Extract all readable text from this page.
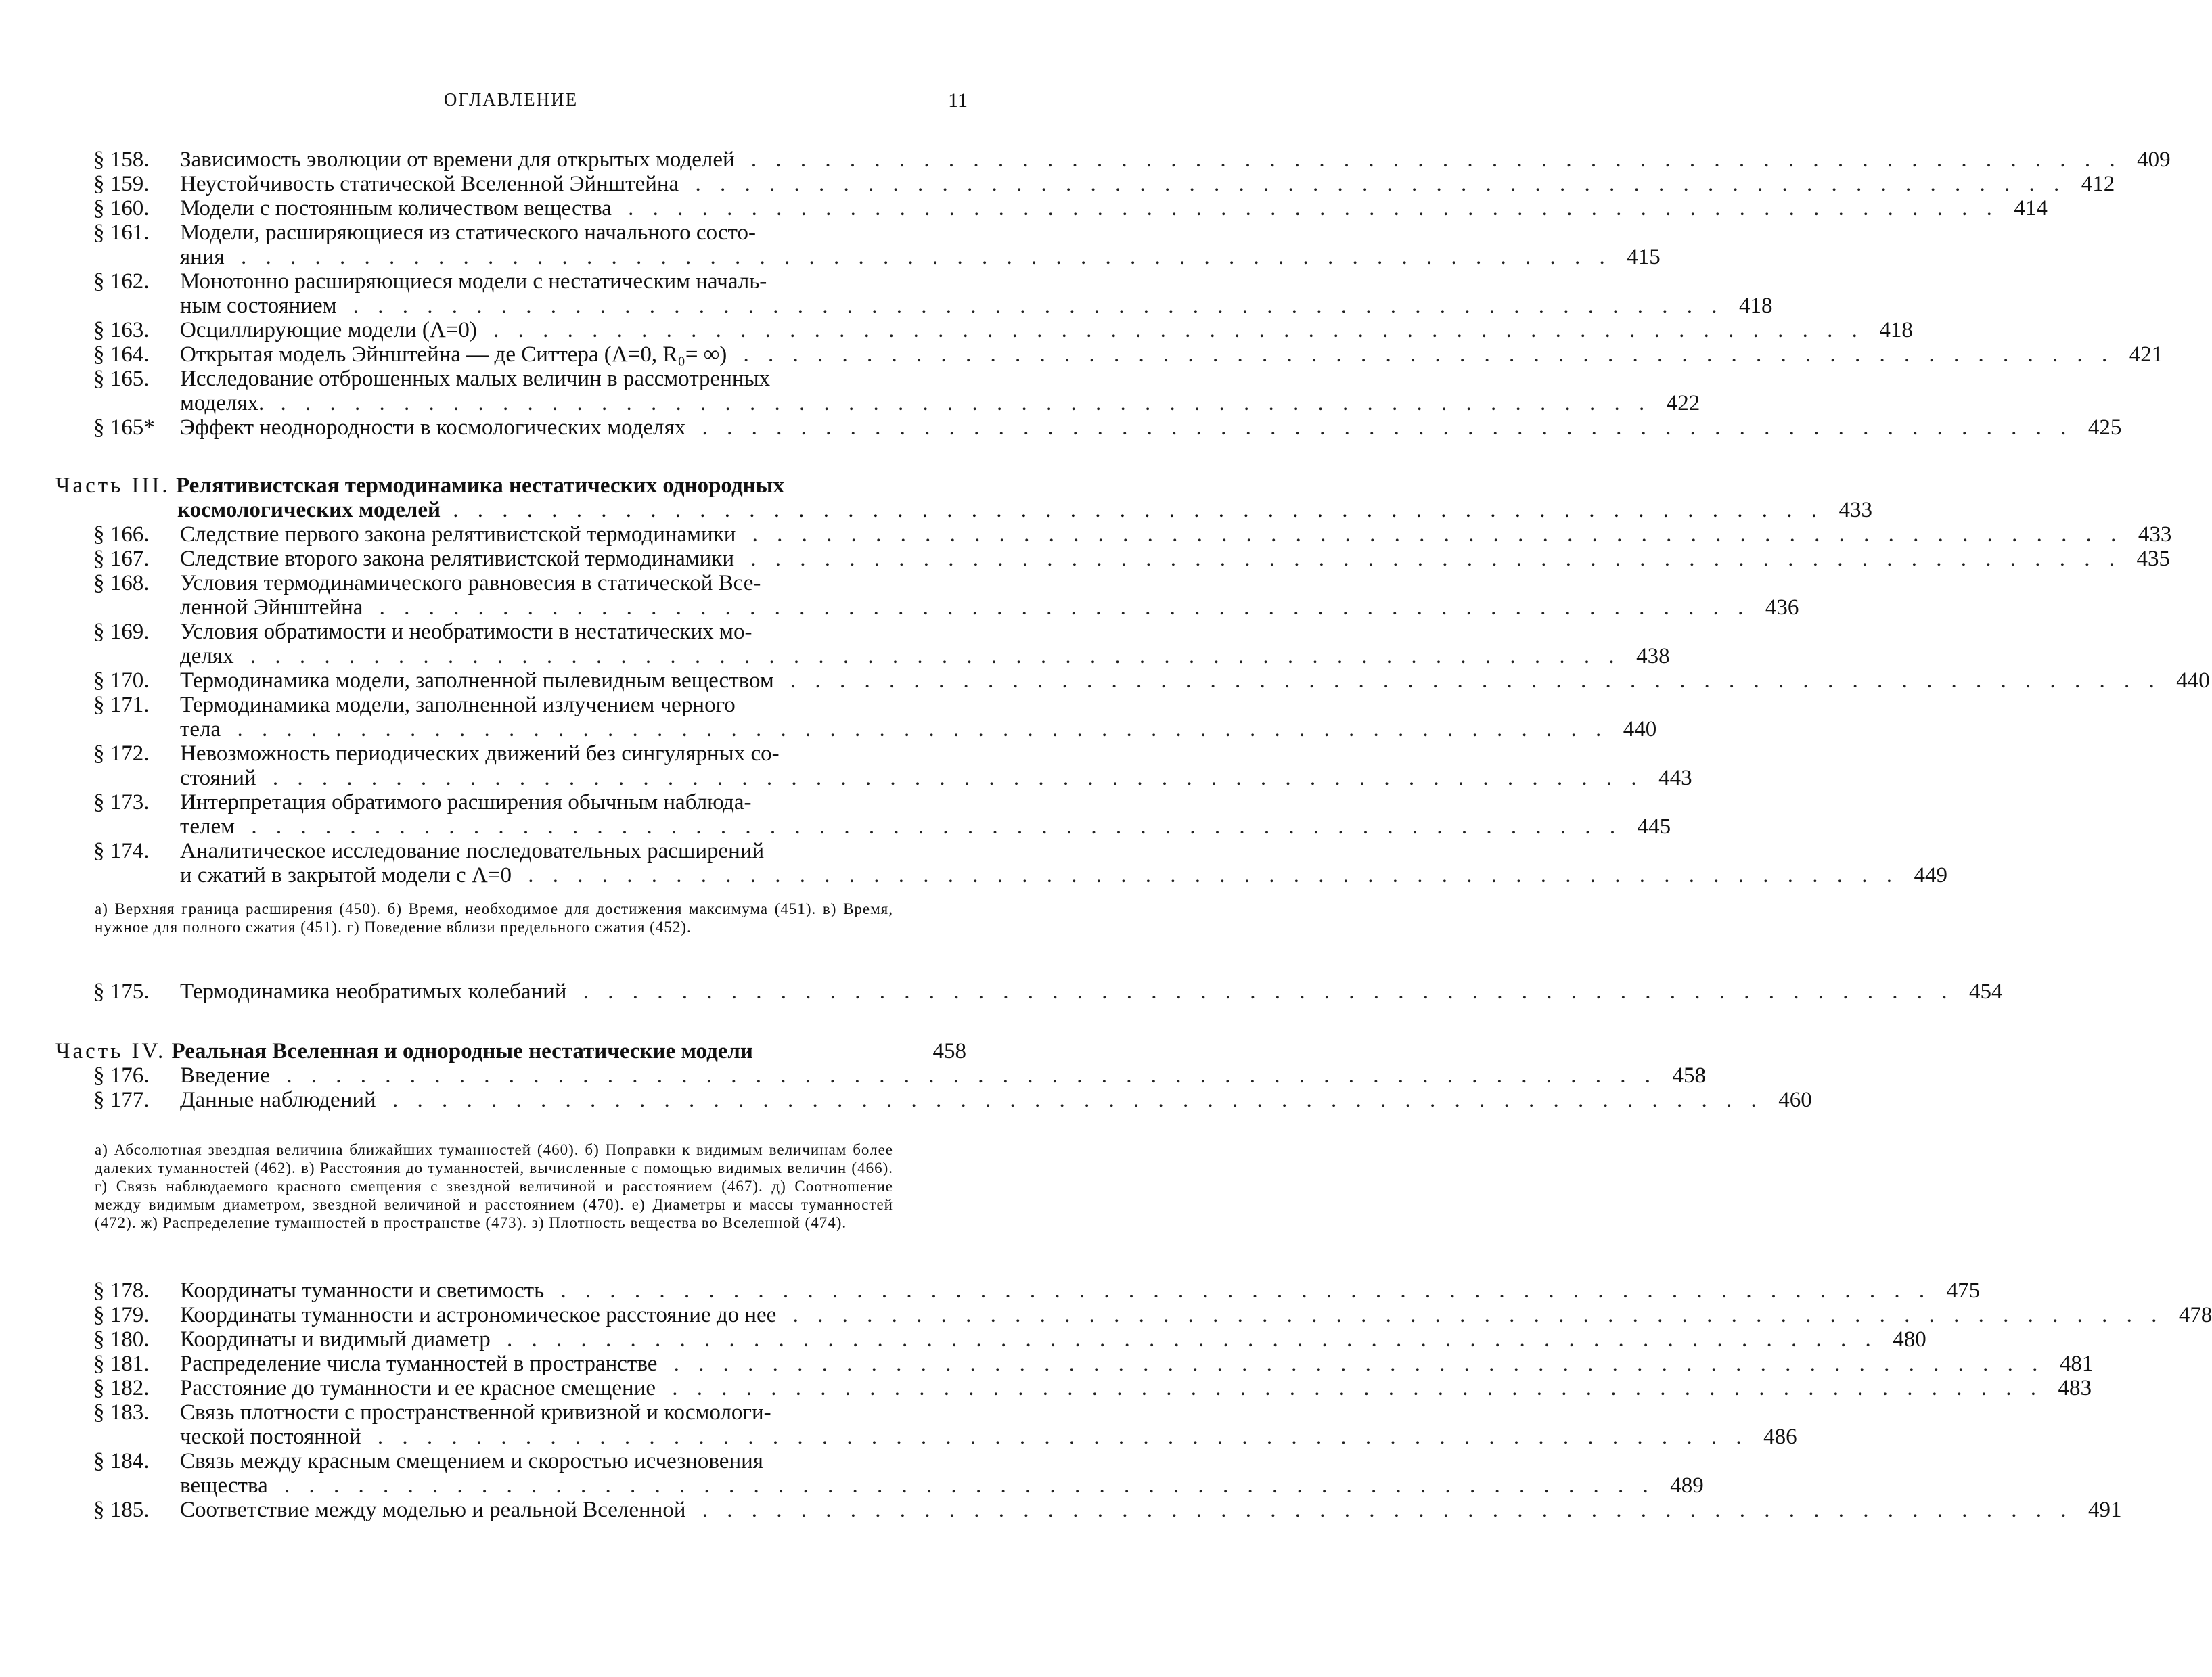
ОГЛАВЛЕНИЕ	11
§ 158.	Зависимость эволюции от времени для открытых моделей . . . . . . . . . . . . . . . . . . . . . . . . . . . . . . . . . . . . . . . . . . . . . . . . . . . . . . . . 409
§ 159.	Неустойчивость статической Вселенной Эйнштейна . . . . . . . . . . . . . . . . . . . . . . . . . . . . . . . . . . . . . . . . . . . . . . . . . . . . . . . . 412
§ 160.	Модели с постоянным количеством вещества . . . . . . . . . . . . . . . . . . . . . . . . . . . . . . . . . . . . . . . . . . . . . . . . . . . . . . . . 414
§ 161.	Модели, расширяющиеся из статического начального состо-
яния . . . . . . . . . . . . . . . . . . . . . . . . . . . . . . . . . . . . . . . . . . . . . . . . . . . . . . . . 415
§ 162.	Монотонно расширяющиеся модели с нестатическим началь-
ным состоянием . . . . . . . . . . . . . . . . . . . . . . . . . . . . . . . . . . . . . . . . . . . . . . . . . . . . . . . . 418
§ 163.	Осциллирующие модели (Λ=0) . . . . . . . . . . . . . . . . . . . . . . . . . . . . . . . . . . . . . . . . . . . . . . . . . . . . . . . . 418
§ 164.	Открытая модель Эйнштейна — де Ситтера (Λ=0, R₀= ∞) . . . . . . . . . . . . . . . . . . . . . . . . . . . . . . . . . . . . . . . . . . . . . . . . . . . . . . . . 421
§ 165.	Исследование отброшенных малых величин в рассмотренных
моделях. . . . . . . . . . . . . . . . . . . . . . . . . . . . . . . . . . . . . . . . . . . . . . . . . . . . . . . . . 422
§ 165*	Эффект неоднородности в космологических моделях . . . . . . . . . . . . . . . . . . . . . . . . . . . . . . . . . . . . . . . . . . . . . . . . . . . . . . . . 425
Часть III.
Релятивистская термодинамика нестатических однородных
космологических моделей . . . . . . . . . . . . . . . . . . . . . . . . . . . . . . . . . . . . . . . . . . . . . . . . . . . . . . . . 433
§ 166.	Следствие первого закона релятивистской термодинамики . . . . . . . . . . . . . . . . . . . . . . . . . . . . . . . . . . . . . . . . . . . . . . . . . . . . . . . . 433
§ 167.	Следствие второго закона релятивистской термодинамики . . . . . . . . . . . . . . . . . . . . . . . . . . . . . . . . . . . . . . . . . . . . . . . . . . . . . . . . 435
§ 168.	Условия термодинамического равновесия в статической Все-
ленной Эйнштейна . . . . . . . . . . . . . . . . . . . . . . . . . . . . . . . . . . . . . . . . . . . . . . . . . . . . . . . . 436
§ 169.	Условия обратимости и необратимости в нестатических мо-
делях . . . . . . . . . . . . . . . . . . . . . . . . . . . . . . . . . . . . . . . . . . . . . . . . . . . . . . . . 438
§ 170.	Термодинамика модели, заполненной пылевидным веществом . . . . . . . . . . . . . . . . . . . . . . . . . . . . . . . . . . . . . . . . . . . . . . . . . . . . . . . . 440
§ 171.	Термодинамика модели, заполненной излучением черного
тела . . . . . . . . . . . . . . . . . . . . . . . . . . . . . . . . . . . . . . . . . . . . . . . . . . . . . . . . 440
§ 172.	Невозможность периодических движений без сингулярных со-
стояний . . . . . . . . . . . . . . . . . . . . . . . . . . . . . . . . . . . . . . . . . . . . . . . . . . . . . . . . 443
§ 173.	Интерпретация обратимого расширения обычным наблюда-
телем . . . . . . . . . . . . . . . . . . . . . . . . . . . . . . . . . . . . . . . . . . . . . . . . . . . . . . . . 445
§ 174.	Аналитическое исследование последовательных расширений
и сжатий в закрытой модели с Λ=0 . . . . . . . . . . . . . . . . . . . . . . . . . . . . . . . . . . . . . . . . . . . . . . . . . . . . . . . . 449
а) Верхняя граница расширения (450). б) Время, необходимое для достижения максимума (451). в) Время, нужное для полного сжатия (451). г) Поведение вблизи предельного сжатия (452).
§ 175.	Термодинамика необратимых колебаний . . . . . . . . . . . . . . . . . . . . . . . . . . . . . . . . . . . . . . . . . . . . . . . . . . . . . . . . 454
Часть IV.
Реальная Вселенная и однородные нестатические модели	458
§ 176.	Введение . . . . . . . . . . . . . . . . . . . . . . . . . . . . . . . . . . . . . . . . . . . . . . . . . . . . . . . . 458
§ 177.	Данные наблюдений . . . . . . . . . . . . . . . . . . . . . . . . . . . . . . . . . . . . . . . . . . . . . . . . . . . . . . . . 460
а) Абсолютная звездная величина ближайших туманностей (460). б) Поправки к видимым величинам более далеких туманностей (462). в) Расстояния до туманностей, вычисленные с помощью видимых величин (466). г) Связь наблюдаемого красного смещения с звездной величиной и расстоянием (467). д) Соотношение между видимым диаметром, звездной величиной и расстоянием (470). е) Диаметры и массы туманностей (472). ж) Распределение туманностей в пространстве (473). з) Плотность вещества во Вселенной (474).
§ 178.	Координаты туманности и светимость . . . . . . . . . . . . . . . . . . . . . . . . . . . . . . . . . . . . . . . . . . . . . . . . . . . . . . . . 475
§ 179.	Координаты туманности и астрономическое расстояние до нее . . . . . . . . . . . . . . . . . . . . . . . . . . . . . . . . . . . . . . . . . . . . . . . . . . . . . . . . 478
§ 180.	Координаты и видимый диаметр . . . . . . . . . . . . . . . . . . . . . . . . . . . . . . . . . . . . . . . . . . . . . . . . . . . . . . . . 480
§ 181.	Распределение числа туманностей в пространстве . . . . . . . . . . . . . . . . . . . . . . . . . . . . . . . . . . . . . . . . . . . . . . . . . . . . . . . . 481
§ 182.	Расстояние до туманности и ее красное смещение . . . . . . . . . . . . . . . . . . . . . . . . . . . . . . . . . . . . . . . . . . . . . . . . . . . . . . . . 483
§ 183.	Связь плотности с пространственной кривизной и космологи-
ческой постоянной . . . . . . . . . . . . . . . . . . . . . . . . . . . . . . . . . . . . . . . . . . . . . . . . . . . . . . . . 486
§ 184.	Связь между красным смещением и скоростью исчезновения
вещества . . . . . . . . . . . . . . . . . . . . . . . . . . . . . . . . . . . . . . . . . . . . . . . . . . . . . . . . 489
§ 185.	Соответствие между моделью и реальной Вселенной . . . . . . . . . . . . . . . . . . . . . . . . . . . . . . . . . . . . . . . . . . . . . . . . . . . . . . . . 491
